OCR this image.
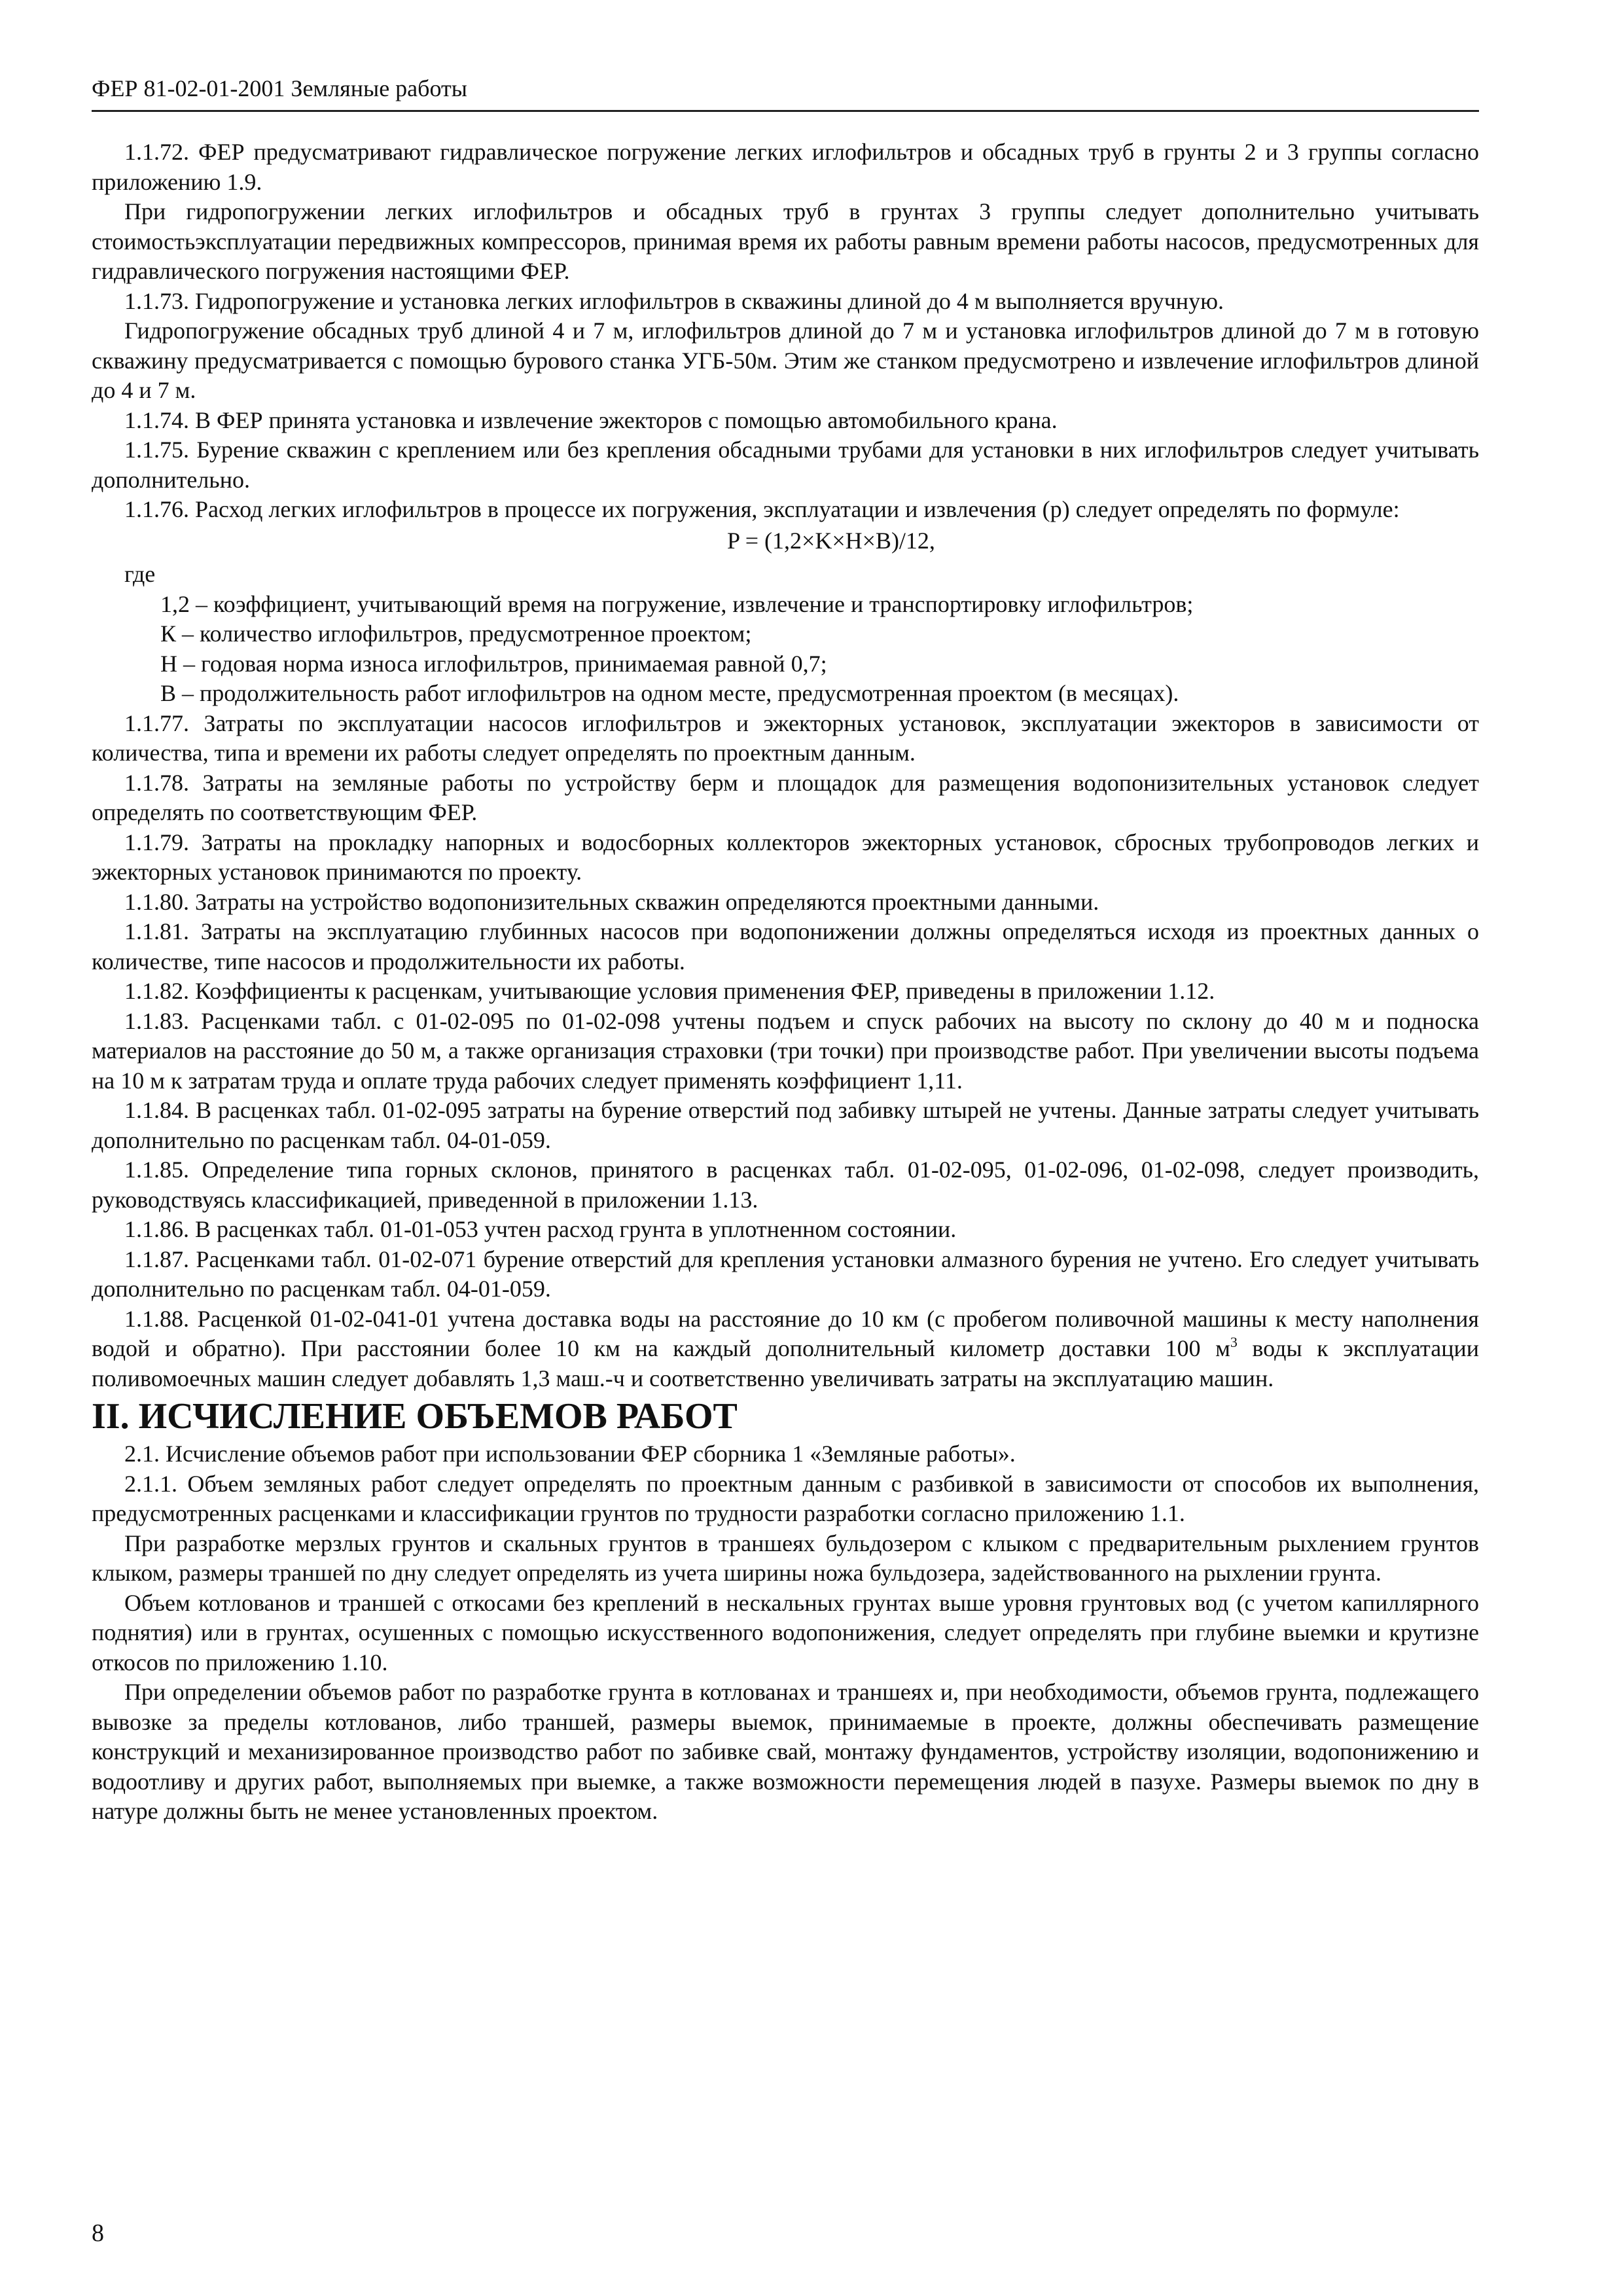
ФЕР 81-02-01-2001 Земляные работы

1.1.72. ФЕР предусматривают гидравлическое погружение легких иглофильтров и обсадных труб в грунты 2 и 3 группы согласно приложению 1.9.

При гидропогружении легких иглофильтров и обсадных труб в грунтах 3 группы следует дополнительно учитывать стоимостьэксплуатации передвижных компрессоров, принимая время их работы равным времени работы насосов, предусмотренных для гидравлического погружения настоящими ФЕР.

1.1.73. Гидропогружение и установка легких иглофильтров в скважины длиной до 4 м выполняется вручную.

Гидропогружение обсадных труб длиной 4 и 7 м, иглофильтров длиной до 7 м и установка иглофильтров длиной до 7 м в готовую скважину предусматривается с помощью бурового станка УГБ-50м. Этим же станком предусмотрено и извлечение иглофильтров длиной до 4 и 7 м.

1.1.74. В ФЕР принята установка и извлечение эжекторов с помощью автомобильного крана.

1.1.75. Бурение скважин с креплением или без крепления обсадными трубами для установки в них иглофильтров следует учитывать дополнительно.

1.1.76. Расход легких иглофильтров в процессе их погружения, эксплуатации и извлечения (р) следует определять по формуле:

P = (1,2×K×H×B)/12,

где

1,2 – коэффициент, учитывающий время на погружение, извлечение и транспортировку иглофильтров;

К – количество иглофильтров, предусмотренное проектом;

Н – годовая норма износа иглофильтров, принимаемая равной 0,7;

В – продолжительность работ иглофильтров на одном месте, предусмотренная проектом (в месяцах).

1.1.77. Затраты по эксплуатации насосов иглофильтров и эжекторных установок, эксплуатации эжекторов в зависимости от количества, типа и времени их работы следует определять по проектным данным.

1.1.78. Затраты на земляные работы по устройству берм и площадок для размещения водопонизительных установок следует определять по соответствующим ФЕР.

1.1.79. Затраты на прокладку напорных и водосборных коллекторов эжекторных установок, сбросных трубопроводов легких и эжекторных установок принимаются по проекту.

1.1.80. Затраты на устройство водопонизительных скважин определяются проектными данными.

1.1.81. Затраты на эксплуатацию глубинных насосов при водопонижении должны определяться исходя из проектных данных о количестве, типе насосов и продолжительности их работы.

1.1.82. Коэффициенты к расценкам, учитывающие условия применения ФЕР, приведены в приложении 1.12.

1.1.83. Расценками табл. с 01-02-095 по 01-02-098 учтены подъем и спуск рабочих на высоту по склону до 40 м и подноска материалов на расстояние до 50 м, а также организация страховки (три точки) при производстве работ. При увеличении высоты подъема на 10 м к затратам труда и оплате труда рабочих следует применять коэффициент 1,11.

1.1.84. В расценках табл. 01-02-095 затраты на бурение отверстий под забивку штырей не учтены. Данные затраты следует учитывать дополнительно по расценкам табл. 04-01-059.

1.1.85. Определение типа горных склонов, принятого в расценках табл. 01-02-095, 01-02-096, 01-02-098, следует производить, руководствуясь классификацией, приведенной в приложении 1.13.

1.1.86. В расценках табл. 01-01-053 учтен расход грунта в уплотненном состоянии.

1.1.87. Расценками табл. 01-02-071 бурение отверстий для крепления установки алмазного бурения не учтено. Его следует учитывать дополнительно по расценкам табл. 04-01-059.

1.1.88. Расценкой 01-02-041-01 учтена доставка воды на расстояние до 10 км (с пробегом поливочной машины к месту наполнения водой и обратно). При расстоянии более 10 км на каждый дополнительный километр доставки 100 $м^3$ воды к эксплуатации поливомоечных машин следует добавлять 1,3 маш.-ч и соответственно увеличивать затраты на эксплуатацию машин.

II. ИСЧИСЛЕНИЕ ОБЪЕМОВ РАБОТ

2.1. Исчисление объемов работ при использовании ФЕР сборника 1 «Земляные работы».

2.1.1. Объем земляных работ следует определять по проектным данным с разбивкой в зависимости от способов их выполнения, предусмотренных расценками и классификации грунтов по трудности разработки согласно приложению 1.1.

При разработке мерзлых грунтов и скальных грунтов в траншеях бульдозером с клыком с предварительным рыхлением грунтов клыком, размеры траншей по дну следует определять из учета ширины ножа бульдозера, задействованного на рыхлении грунта.

Объем котлованов и траншей с откосами без креплений в нескальных грунтах выше уровня грунтовых вод (с учетом капиллярного поднятия) или в грунтах, осушенных с помощью искусственного водопонижения, следует определять при глубине выемки и крутизне откосов по приложению 1.10.

При определении объемов работ по разработке грунта в котлованах и траншеях и, при необходимости, объемов грунта, подлежащего вывозке за пределы котлованов, либо траншей, размеры выемок, принимаемые в проекте, должны обеспечивать размещение конструкций и механизированное производство работ по забивке свай, монтажу фундаментов, устройству изоляции, водопонижению и водоотливу и других работ, выполняемых при выемке, а также возможности перемещения людей в пазухе. Размеры выемок по дну в натуре должны быть не менее установленных проектом.

8
